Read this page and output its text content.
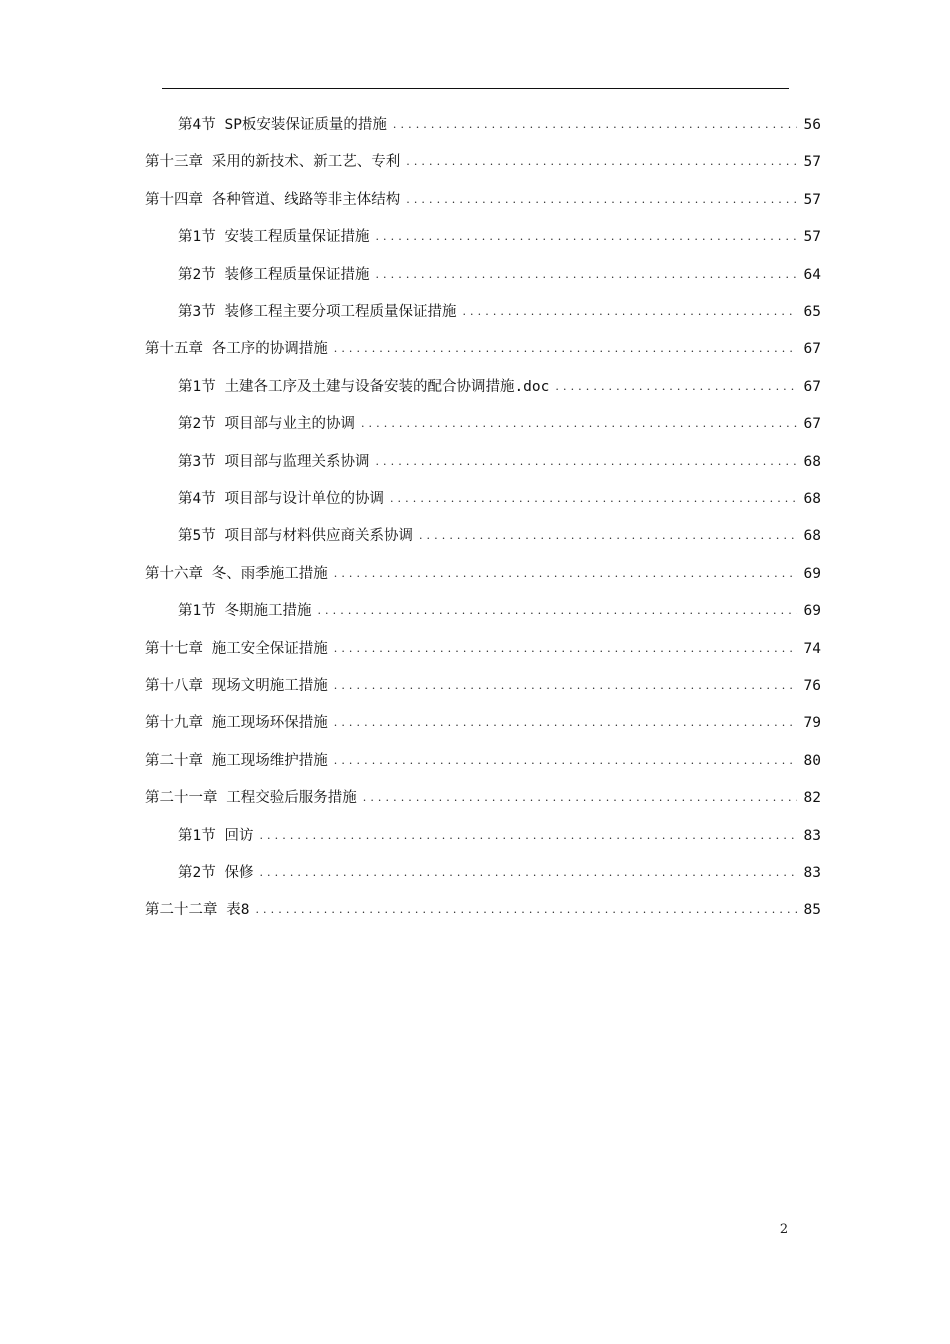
第4节 SP板安装保证质量的措施 . . .	56
第十三章 采用的新技术、新工艺、专利 . . .	57
第十四章 各种管道、线路等非主体结构 . . .	57
第1节 安装工程质量保证措施 . . .	57
第2节 装修工程质量保证措施 . . .	64
第3节 装修工程主要分项工程质量保证措施 . . .	65
第十五章 各工序的协调措施 . . .	67
第1节 土建各工序及土建与设备安装的配合协调措施.doc . . .	67
第2节 项目部与业主的协调 . . .	67
第3节 项目部与监理关系协调 . . .	68
第4节 项目部与设计单位的协调 . . .	68
第5节 项目部与材料供应商关系协调 . . .	68
第十六章 冬、雨季施工措施 . . .	69
第1节 冬期施工措施 . . .	69
第十七章 施工安全保证措施 . . .	74
第十八章 现场文明施工措施 . . .	76
第十九章 施工现场环保措施 . . .	79
第二十章 施工现场维护措施 . . .	80
第二十一章 工程交验后服务措施 . . .	82
第1节 回访 . . .	83
第2节 保修 . . .	83
第二十二章 表8 . . .	85
2
